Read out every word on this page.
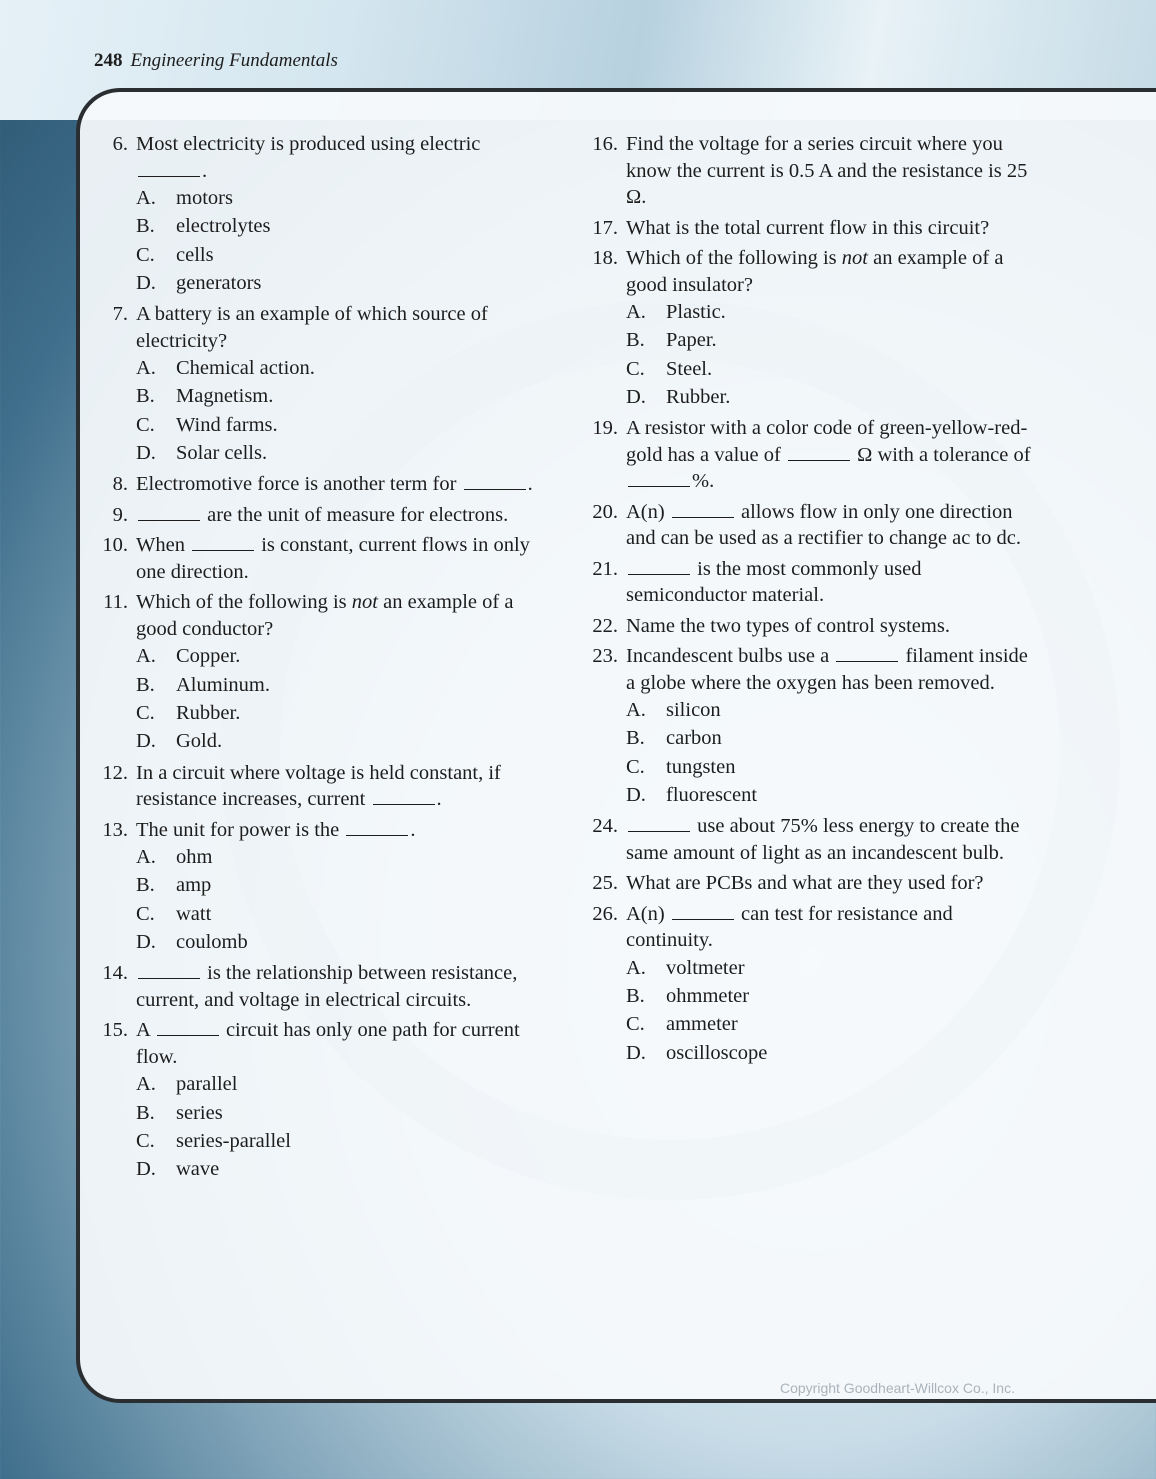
248 Engineering Fundamentals
6. Most electricity is produced using electric .
A. motors
B. electrolytes
C. cells
D. generators
7. A battery is an example of which source of electricity?
A. Chemical action.
B. Magnetism.
C. Wind farms.
D. Solar cells.
8. Electromotive force is another term for	.
9.	are the unit of measure for electrons.
10. When	is constant, current flows in only one direction.
11. Which of the following is not an example of a good conductor?
A. Copper.
B. Aluminum.
C. Rubber.
D. Gold.
12. In a circuit where voltage is held constant, if resistance increases, current	.
13. The unit for power is the	.
A. ohm
B. amp
C. watt
D. coulomb
14.	is the relationship between resistance, current, and voltage in electrical circuits.
15. A	circuit has only one path for current flow.
A. parallel
B. series
C. series-parallel
D. wave
16. Find the voltage for a series circuit where you know the current is 0.5 A and the resistance is 25 Ω.
17. What is the total current flow in this circuit?
18. Which of the following is not an example of a good insulator?
A. Plastic.
B. Paper.
C. Steel.
D. Rubber.
19. A resistor with a color code of green-yellow-red-gold has a value of	Ω with a tolerance of %.
20. A(n)	allows flow in only one direction and can be used as a rectifier to change ac to dc.
21.	is the most commonly used semiconductor material.
22. Name the two types of control systems.
23. Incandescent bulbs use a	filament inside a globe where the oxygen has been removed.
A. silicon
B. carbon
C. tungsten
D. fluorescent
24.	use about 75% less energy to create the same amount of light as an incandescent bulb.
25. What are PCBs and what are they used for?
26. A(n)	can test for resistance and continuity.
A. voltmeter
B. ohmmeter
C. ammeter
D. oscilloscope
Copyright Goodheart-Willcox Co., Inc.
